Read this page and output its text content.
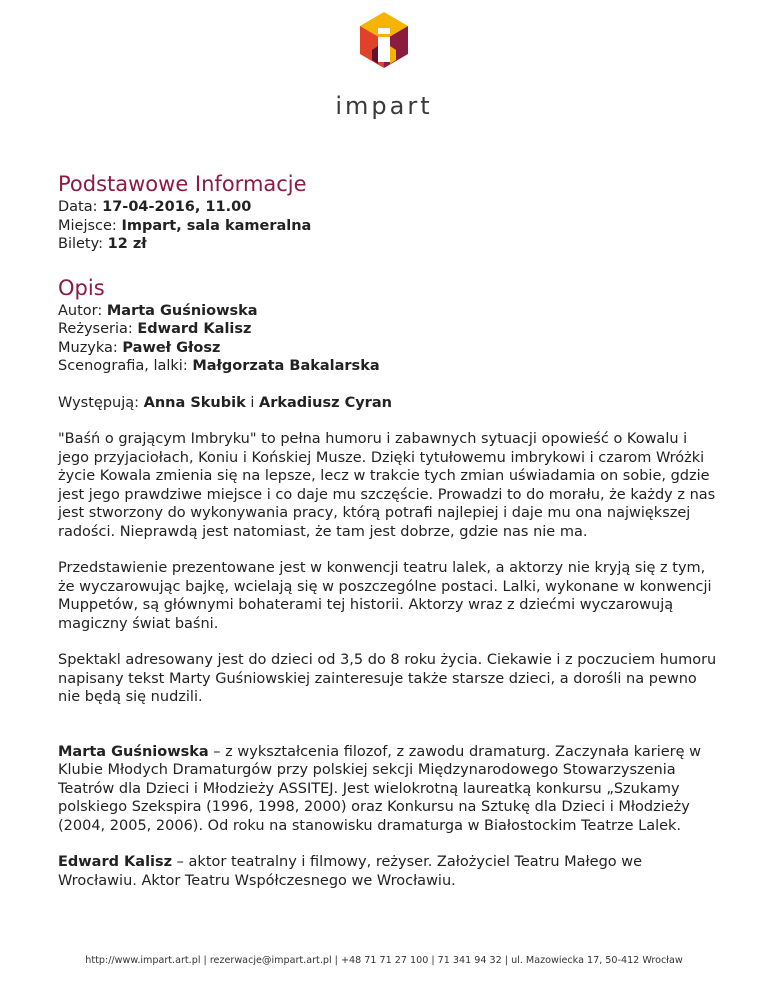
impart
Podstawowe Informacje
Data: 17-04-2016, 11.00
Miejsce: Impart, sala kameralna
Bilety: 12 zł
Opis
Autor: Marta Guśniowska
Reżyseria: Edward Kalisz
Muzyka: Paweł Głosz
Scenografia, lalki: Małgorzata Bakalarska
Występują: Anna Skubik i Arkadiusz Cyran

"Baśń o grającym Imbryku" to pełna humoru i zabawnych sytuacji opowieść o Kowalu i jego przyjaciołach, Koniu i Końskiej Musze. Dzięki tytułowemu imbrykowi i czarom Wróżki życie Kowala zmienia się na lepsze, lecz w trakcie tych zmian uświadamia on sobie, gdzie jest jego prawdziwe miejsce i co daje mu szczęście. Prowadzi to do morału, że każdy z nas jest stworzony do wykonywania pracy, którą potrafi najlepiej i daje mu ona największej radości. Nieprawdą jest natomiast, że tam jest dobrze, gdzie nas nie ma.

Przedstawienie prezentowane jest w konwencji teatru lalek, a aktorzy nie kryją się z tym, że wyczarowując bajkę, wcielają się w poszczególne postaci. Lalki, wykonane w konwencji Muppetów, są głównymi bohaterami tej historii. Aktorzy wraz z dziećmi wyczarowują magiczny świat baśni.

Spektakl adresowany jest do dzieci od 3,5 do 8 roku życia. Ciekawie i z poczuciem humoru napisany tekst Marty Guśniowskiej zainteresuje także starsze dzieci, a dorośli na pewno nie będą się nudzili.

Marta Guśniowska – z wykształcenia filozof, z zawodu dramaturg. Zaczynała karierę w Klubie Młodych Dramaturgów przy polskiej sekcji Międzynarodowego Stowarzyszenia Teatrów dla Dzieci i Młodzieży ASSITEJ. Jest wielokrotną laureatką konkursu „Szukamy polskiego Szekspira (1996, 1998, 2000) oraz Konkursu na Sztukę dla Dzieci i Młodzieży (2004, 2005, 2006). Od roku na stanowisku dramaturga w Białostockim Teatrze Lalek.

Edward Kalisz – aktor teatralny i filmowy, reżyser. Założyciel Teatru Małego we Wrocławiu. Aktor Teatru Współczesnego we Wrocławiu.

http://www.impart.art.pl | rezerwacje@impart.art.pl | +48 71 71 27 100 | 71 341 94 32 | ul. Mazowiecka 17, 50-412 Wrocław
